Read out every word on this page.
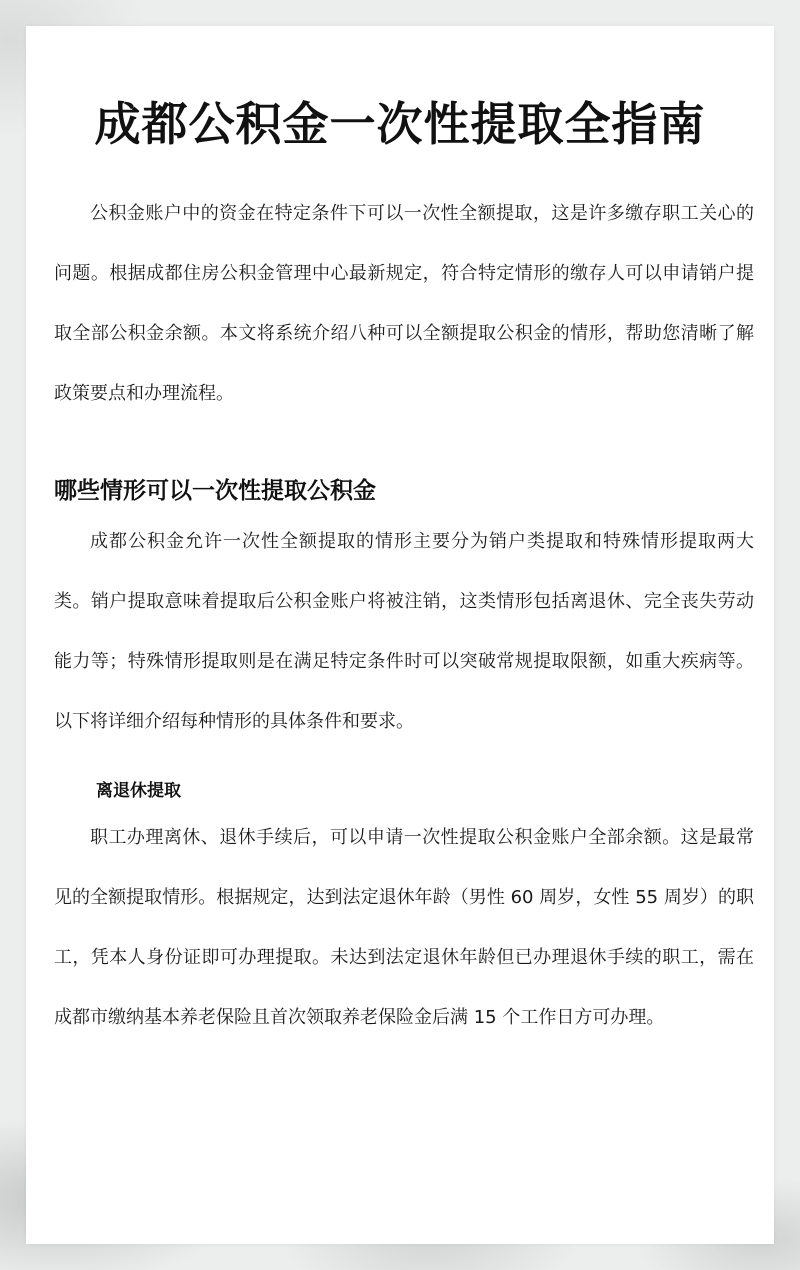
成都公积金一次性提取全指南

公积金账户中的资金在特定条件下可以一次性全额提取，这是许多缴存职工关心的问题。根据成都住房公积金管理中心最新规定，符合特定情形的缴存人可以申请销户提取全部公积金余额。本文将系统介绍八种可以全额提取公积金的情形，帮助您清晰了解政策要点和办理流程。

哪些情形可以一次性提取公积金

成都公积金允许一次性全额提取的情形主要分为销户类提取和特殊情形提取两大类。销户提取意味着提取后公积金账户将被注销，这类情形包括离退休、完全丧失劳动能力等；特殊情形提取则是在满足特定条件时可以突破常规提取限额，如重大疾病等。以下将详细介绍每种情形的具体条件和要求。

离退休提取

职工办理离休、退休手续后，可以申请一次性提取公积金账户全部余额。这是最常见的全额提取情形。根据规定，达到法定退休年龄（男性 60 周岁，女性 55 周岁）的职工，凭本人身份证即可办理提取。未达到法定退休年龄但已办理退休手续的职工，需在成都市缴纳基本养老保险且首次领取养老保险金后满 15 个工作日方可办理。
